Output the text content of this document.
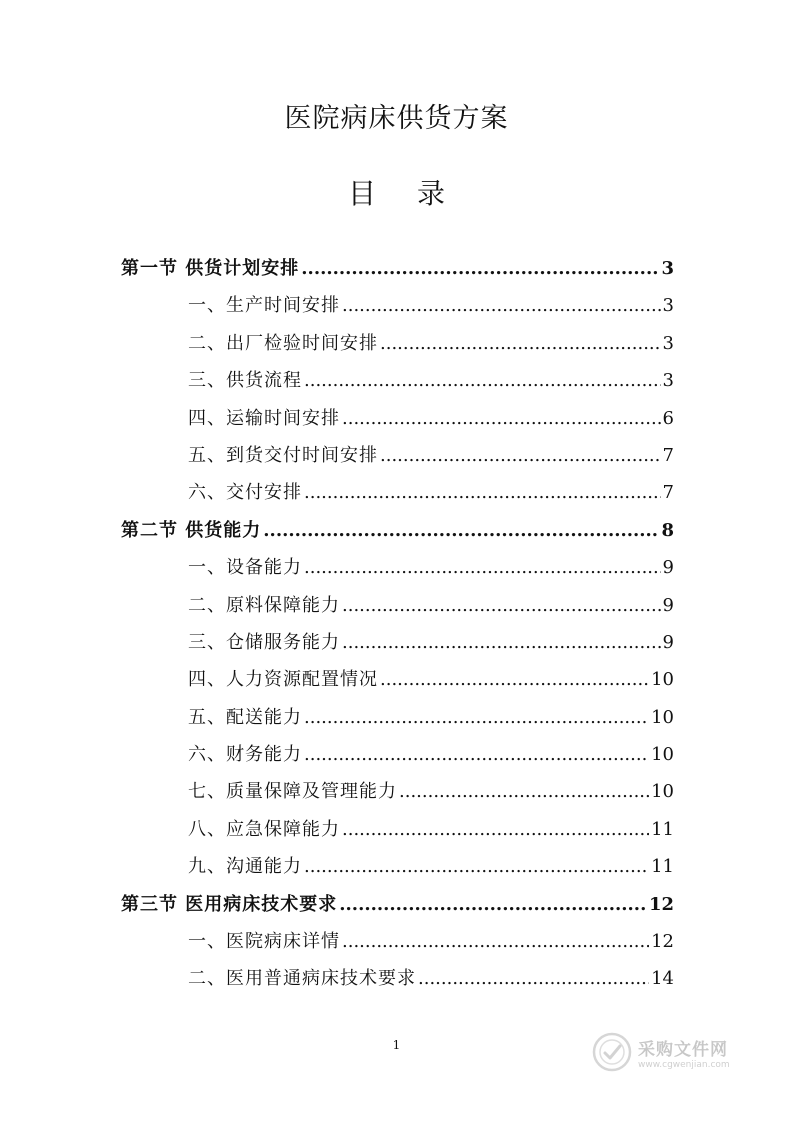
医院病床供货方案
目 录
第一节 供货计划安排 .....	3
一、生产时间安排 .....	3
二、出厂检验时间安排 .....	3
三、供货流程 .....	3
四、运输时间安排 .....	6
五、到货交付时间安排 .....	7
六、交付安排 .....	7
第二节 供货能力 .....	8
一、设备能力 .....	9
二、原料保障能力 .....	9
三、仓储服务能力 .....	9
四、人力资源配置情况 .....	10
五、配送能力 .....	10
六、财务能力 .....	10
七、质量保障及管理能力 .....	10
八、应急保障能力 .....	11
九、沟通能力 .....	11
第三节 医用病床技术要求 .....	12
一、医院病床详情 .....	12
二、医用普通病床技术要求 .....	14
1	采购文件网
www.cgwenjian.com
